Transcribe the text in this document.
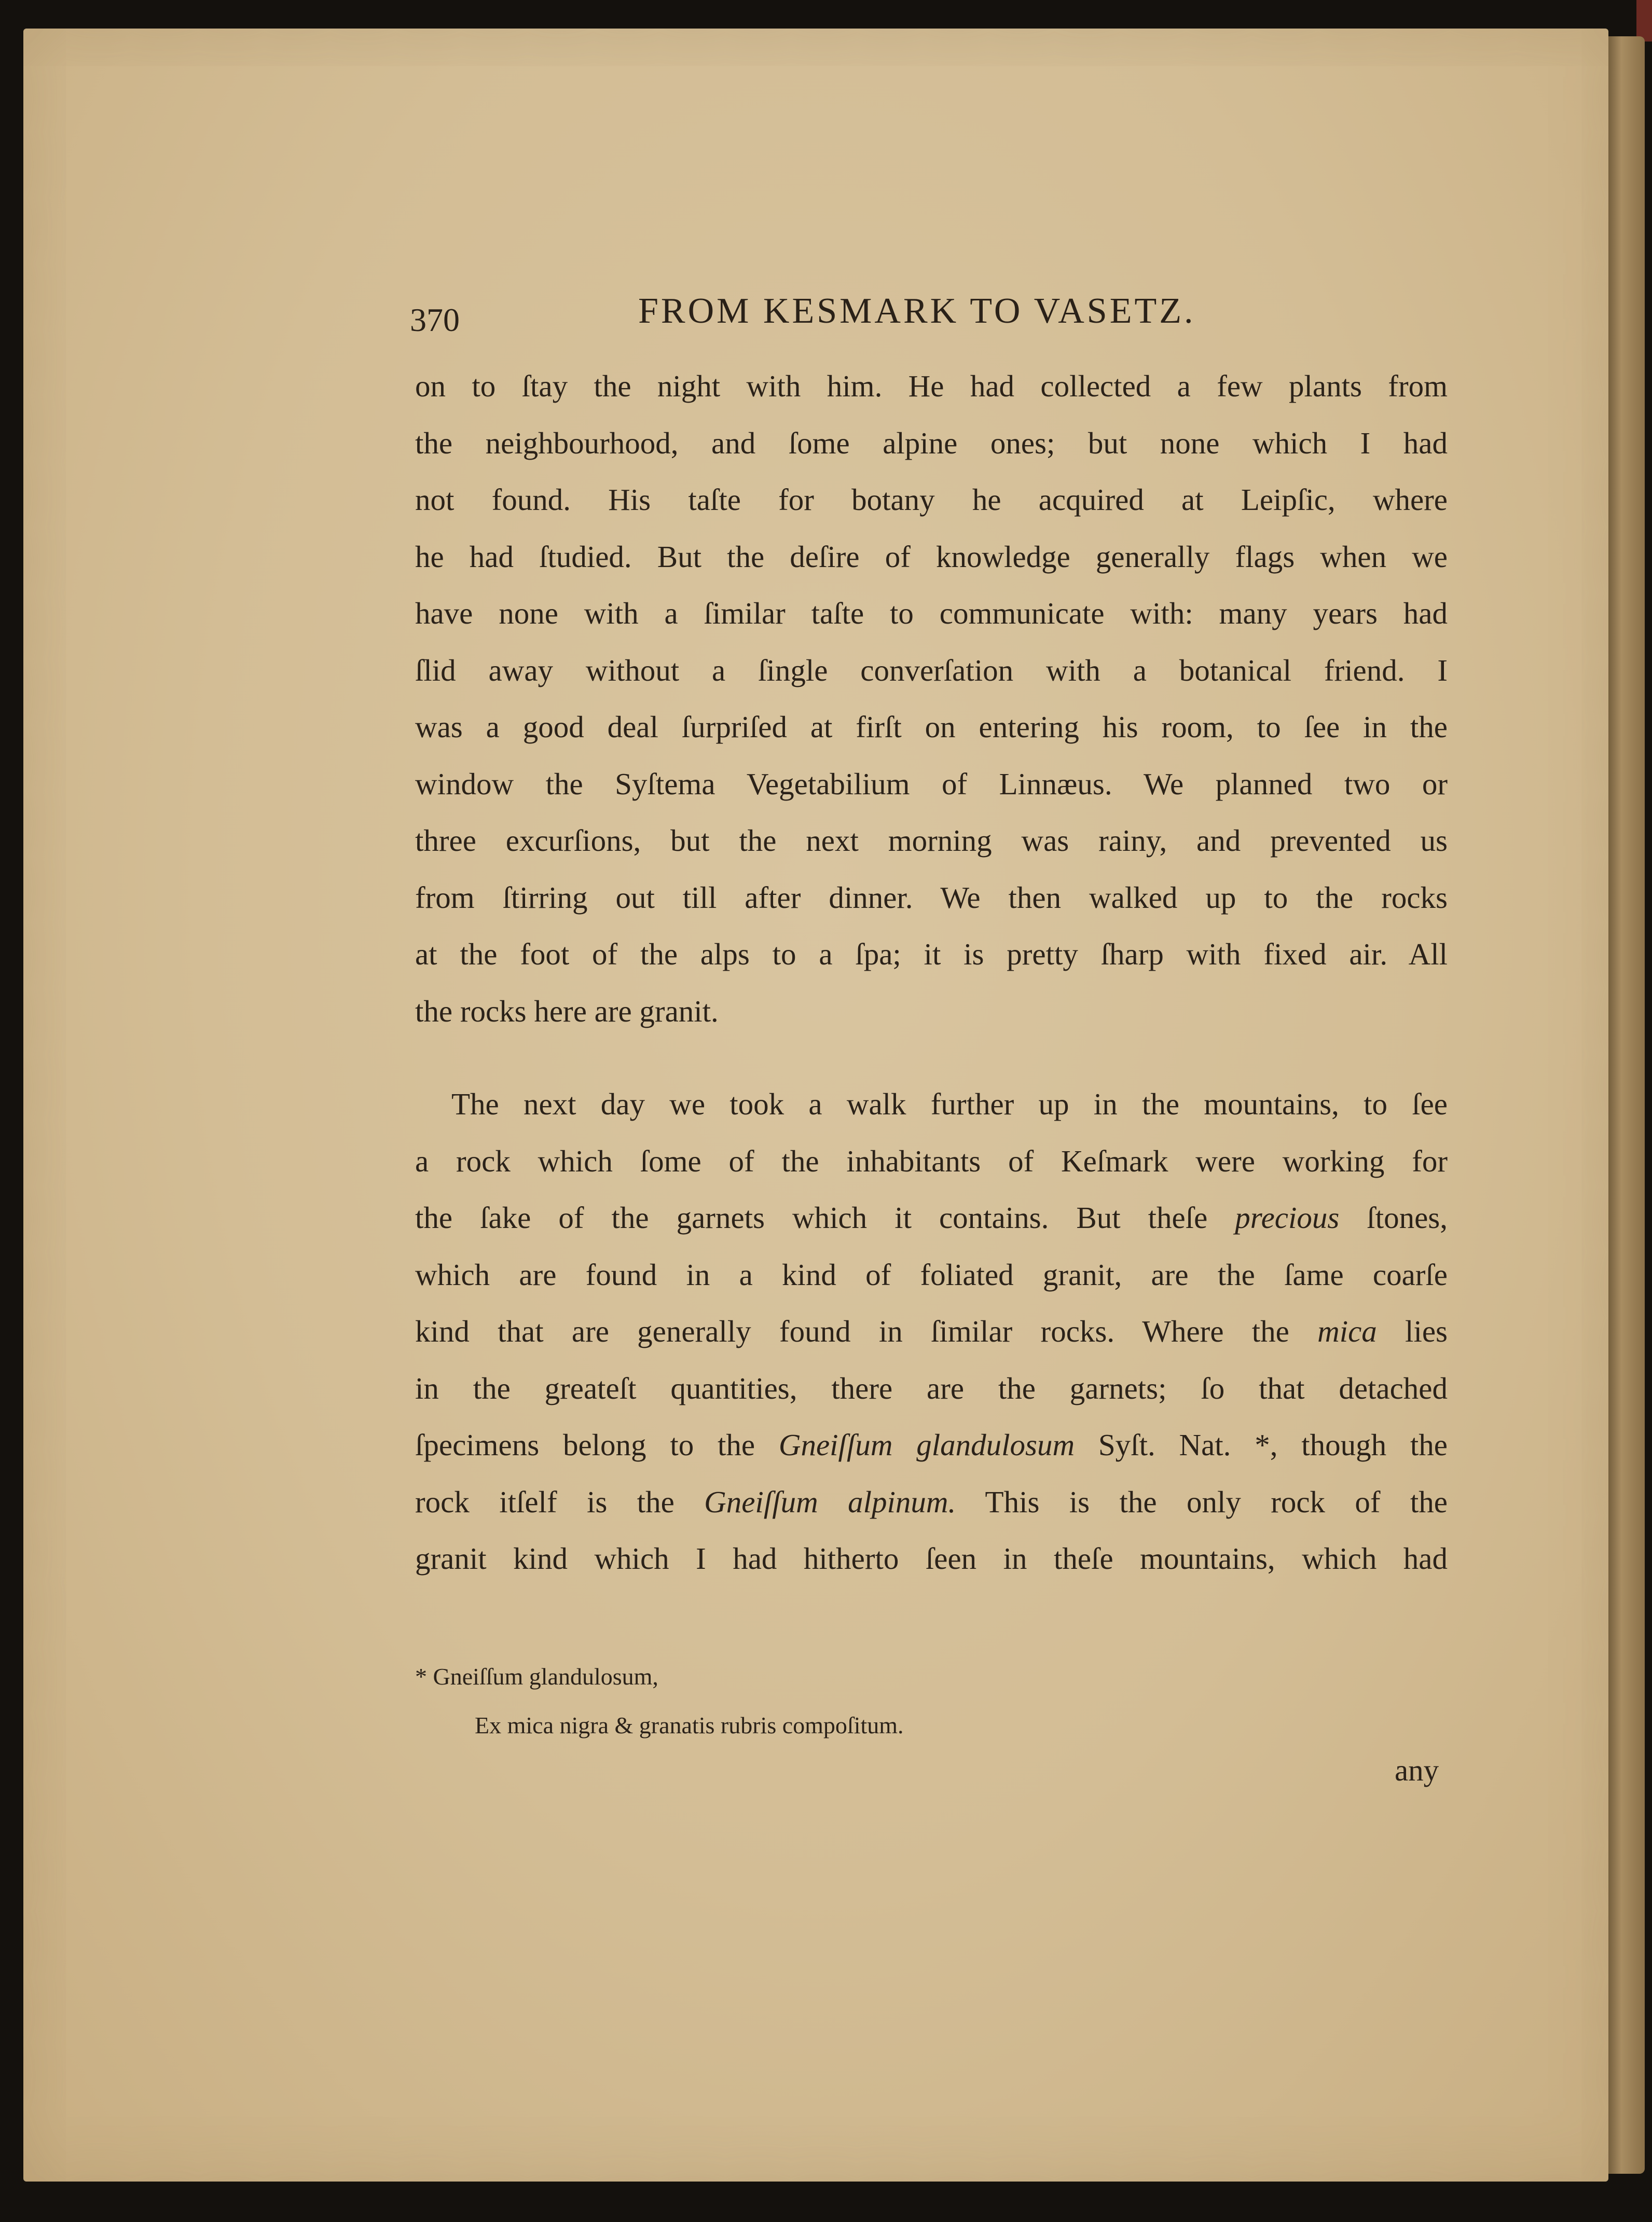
370	FROM KESMARK TO VASETZ.
on to ſtay the night with him. He had collected a few plants from
the neighbourhood, and ſome alpine ones; but none which I had
not found. His taſte for botany he acquired at Leipſic, where
he had ſtudied. But the deſire of knowledge generally flags when we
have none with a ſimilar taſte to communicate with: many years had
ſlid away without a ſingle converſation with a botanical friend. I
was a good deal ſurpriſed at firſt on entering his room, to ſee in the
window the Syſtema Vegetabilium of Linnæus. We planned two or
three excurſions, but the next morning was rainy, and prevented us
from ſtirring out till after dinner. We then walked up to the rocks
at the foot of the alps to a ſpa; it is pretty ſharp with fixed air. All
the rocks here are granit.
The next day we took a walk further up in the mountains, to ſee
a rock which ſome of the inhabitants of Keſmark were working for
the ſake of the garnets which it contains. But theſe precious ſtones,
which are found in a kind of foliated granit, are the ſame coarſe
kind that are generally found in ſimilar rocks. Where the mica lies
in the greateſt quantities, there are the garnets; ſo that detached
ſpecimens belong to the Gneiſſum glandulosum Syſt. Nat. *, though the
rock itſelf is the Gneiſſum alpinum. This is the only rock of the
granit kind which I had hitherto ſeen in theſe mountains, which had
* Gneiſſum glandulosum,
Ex mica nigra & granatis rubris compoſitum.
any
